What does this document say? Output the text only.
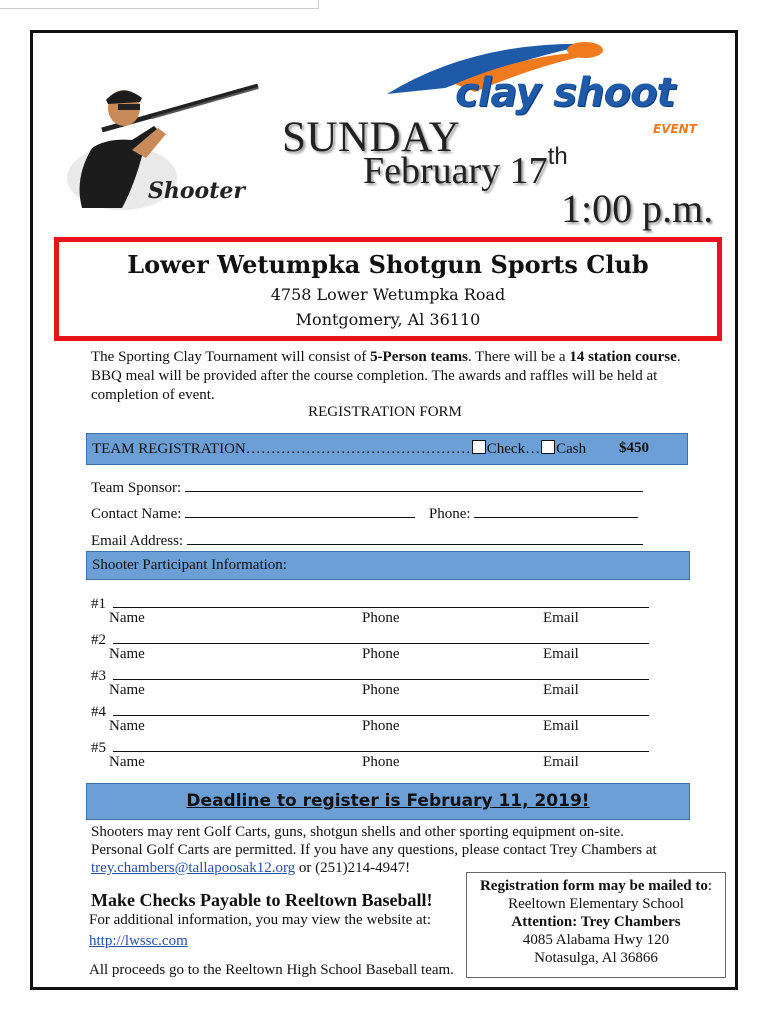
Shooter
clay shoot
EVENT
SUNDAY
February 17th
1:00 p.m.
Lower Wetumpka Shotgun Sports Club
4758 Lower Wetumpka Road
Montgomery, Al 36110
The Sporting Clay Tournament will consist of 5-Person teams. There will be a 14 station course. BBQ meal will be provided after the course completion. The awards and raffles will be held at completion of event.
REGISTRATION FORM
TEAM REGISTRATION……………………………………… Check… Cash $450
Team Sponsor:
Contact Name:	Phone:
Email Address:
Shooter Participant Information:
#1
Name	Phone	Email
#2
Name	Phone	Email
#3
Name	Phone	Email
#4
Name	Phone	Email
#5
Name	Phone	Email
Deadline to register is February 11, 2019!
Shooters may rent Golf Carts, guns, shotgun shells and other sporting equipment on-site.
Personal Golf Carts are permitted. If you have any questions, please contact Trey Chambers at
trey.chambers@tallapoosak12.org or (251)214-4947!
Make Checks Payable to Reeltown Baseball!
For additional information, you may view the website at:
http://lwssc.com
All proceeds go to the Reeltown High School Baseball team.
Registration form may be mailed to:
Reeltown Elementary School
Attention: Trey Chambers
4085 Alabama Hwy 120
Notasulga, Al 36866
